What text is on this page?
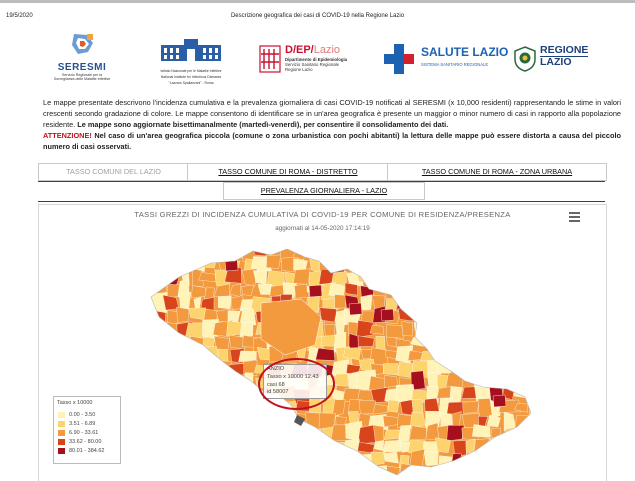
19/5/2020	Descrizione geografica dei casi di COVID-19 nella Regione Lazio
SERESMI
Servizio Regionale per la
Sorveglianza delle Malattie Infettive
Istituto Nazionale per le Malattie Infettive
National Institute for Infectious Diseases
"Lazzaro Spallanzani" - Roma
D/EP/Lazio
Dipartimento di Epidemiologia
Servizio Sanitario Regionale
Regione Lazio
SALUTE LAZIO
SISTEMA SANITARIO REGIONALE
REGIONE
LAZIO
Le mappe presentate descrivono l'incidenza cumulativa e la prevalenza giornaliera di casi COVID-19 notificati al SERESMI (x 10,000 residenti) rappresentando le stime in valori crescenti secondo gradazione di colore. Le mappe consentono di identificare se in un'area geografica è presente un maggior o minor numero di casi in rapporto alla popolazione residente. Le mappe sono aggiornate bisettimanalmente (martedì-venerdì), per consentire il consolidamento dei dati.
ATTENZIONE! Nel caso di un'area geografica piccola (comune o zona urbanistica con pochi abitanti) la lettura delle mappe può essere distorta a causa del piccolo numero di casi osservati.
TASSO COMUNI DEL LAZIO	TASSO COMUNE DI ROMA - DISTRETTO	TASSO COMUNE DI ROMA - ZONA URBANA
PREVALENZA GIORNALIERA - LAZIO
TASSI GREZZI DI INCIDENZA CUMULATIVA DI COVID-19 PER COMUNE DI RESIDENZA/PRESENZA
aggiornati al 14-05-2020 17:14:19
ANZIO
Tasso x 10000 12.43
casi 68
id 58007
Tasso x 10000
0.00 - 3.50
3.51 - 6.89
6.90 - 33.61
33.62 - 80.00
80.01 - 384.62
